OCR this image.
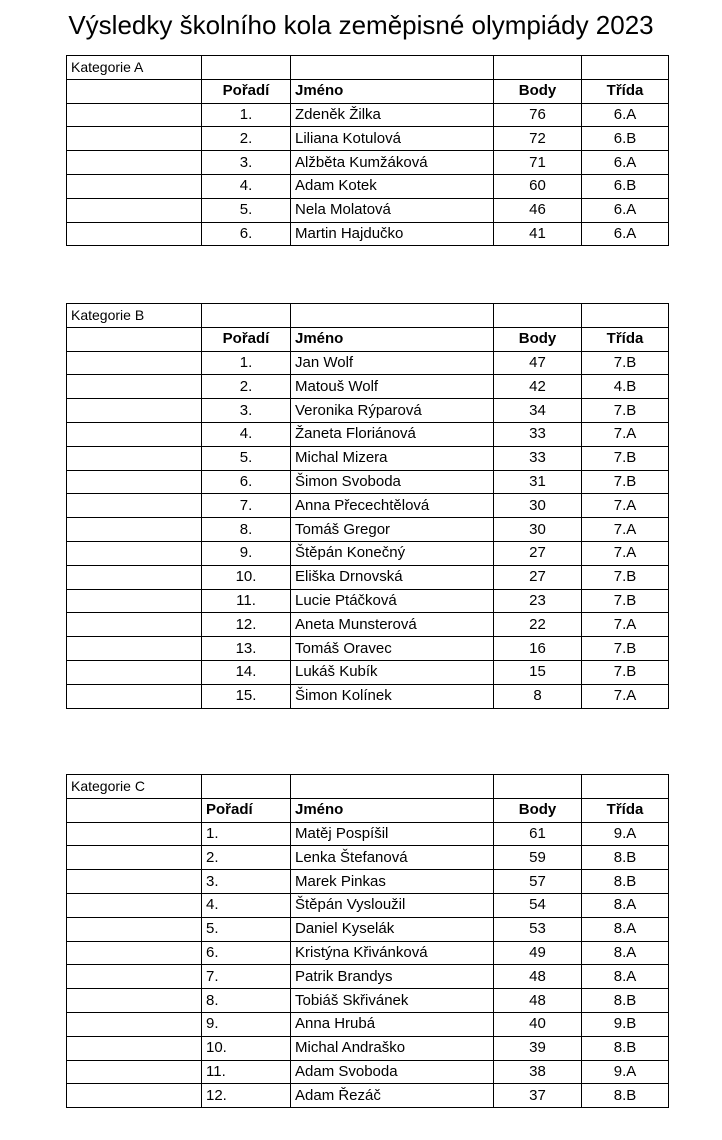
Výsledky školního kola zeměpisné olympiády 2023
Kategorie A				
	Pořadí	Jméno	Body	Třída
	1.	Zdeněk Žilka	76	6.A
	2.	Liliana Kotulová	72	6.B
	3.	Alžběta Kumžáková	71	6.A
	4.	Adam Kotek	60	6.B
	5.	Nela Molatová	46	6.A
	6.	Martin Hajdučko	41	6.A
Kategorie B				
	Pořadí	Jméno	Body	Třída
	1.	Jan Wolf	47	7.B
	2.	Matouš Wolf	42	4.B
	3.	Veronika Rýparová	34	7.B
	4.	Žaneta Floriánová	33	7.A
	5.	Michal Mizera	33	7.B
	6.	Šimon Svoboda	31	7.B
	7.	Anna Přecechtělová	30	7.A
	8.	Tomáš Gregor	30	7.A
	9.	Štěpán Konečný	27	7.A
	10.	Eliška Drnovská	27	7.B
	11.	Lucie Ptáčková	23	7.B
	12.	Aneta Munsterová	22	7.A
	13.	Tomáš Oravec	16	7.B
	14.	Lukáš Kubík	15	7.B
	15.	Šimon Kolínek	8	7.A
Kategorie C				
	Pořadí	Jméno	Body	Třída
	1.	Matěj Pospíšil	61	9.A
	2.	Lenka Štefanová	59	8.B
	3.	Marek Pinkas	57	8.B
	4.	Štěpán Vysloužil	54	8.A
	5.	Daniel Kyselák	53	8.A
	6.	Kristýna Křivánková	49	8.A
	7.	Patrik Brandys	48	8.A
	8.	Tobiáš Skřivánek	48	8.B
	9.	Anna Hrubá	40	9.B
	10.	Michal Andraško	39	8.B
	11.	Adam Svoboda	38	9.A
	12.	Adam Řezáč	37	8.B
